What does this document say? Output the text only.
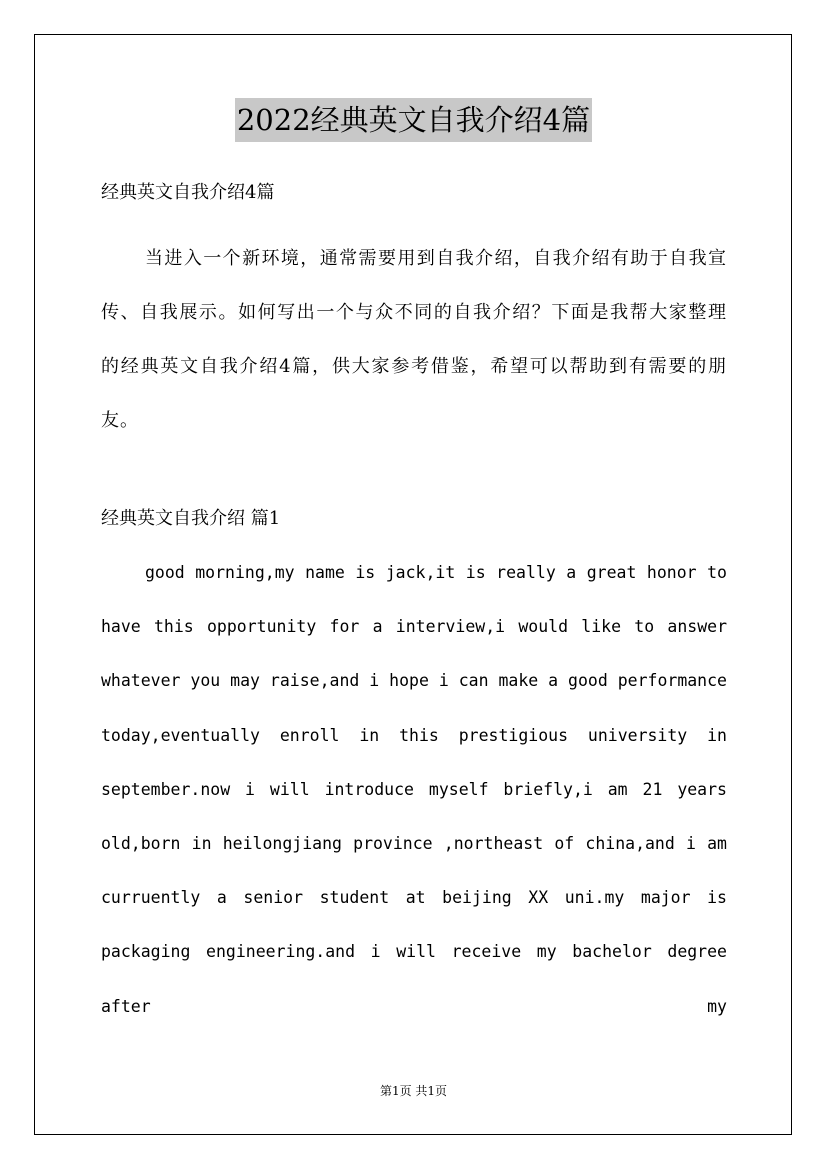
2022经典英文自我介绍4篇
经典英文自我介绍4篇

当进入一个新环境，通常需要用到自我介绍，自我介绍有助于自我宣传、自我展示。如何写出一个与众不同的自我介绍？下面是我帮大家整理的经典英文自我介绍4篇，供大家参考借鉴，希望可以帮助到有需要的朋友。

经典英文自我介绍 篇1

good morning,my name is jack,it is really a great honor to have this opportunity for a interview,i would like to answer whatever you may raise,and i hope i can make a good performance today,eventually enroll in this prestigious university in september.now i will introduce myself briefly,i am 21 years old,born in heilongjiang province ,northeast of china,and i am curruently a senior student at beijing XX uni.my major is packaging engineering.and i will receive my bachelor degree after my

第1页 共1页
